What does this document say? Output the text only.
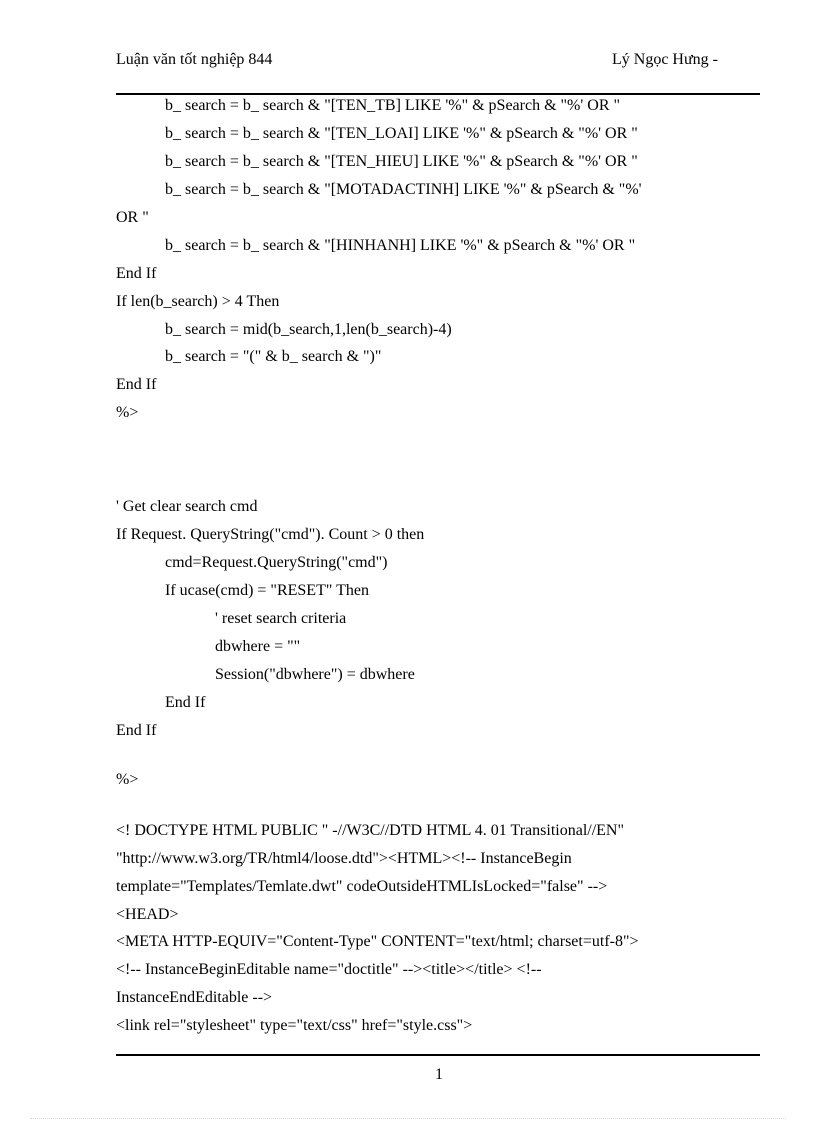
Luận văn tốt nghiệp 844	Lý Ngọc Hưng -
b_ search = b_ search & "[TEN_TB] LIKE '%" & pSearch & "%' OR "
b_ search = b_ search & "[TEN_LOAI] LIKE '%" & pSearch & "%' OR "
b_ search = b_ search & "[TEN_HIEU] LIKE '%" & pSearch & "%' OR "
b_ search = b_ search & "[MOTADACTINH] LIKE '%" & pSearch & "%'
OR "
b_ search = b_ search & "[HINHANH] LIKE '%" & pSearch & "%' OR "
End If
If len(b_search) > 4 Then
b_ search = mid(b_search,1,len(b_search)-4)
b_ search = "(" & b_ search & ")"
End If
%>
' Get clear search cmd
If Request. QueryString("cmd"). Count > 0 then
cmd=Request.QueryString("cmd")
If ucase(cmd) = "RESET" Then
' reset search criteria
dbwhere = ""
Session("dbwhere") = dbwhere
End If
End If
%>
<! DOCTYPE HTML PUBLIC " -//W3C//DTD HTML 4. 01 Transitional//EN"
"http://www.w3.org/TR/html4/loose.dtd"><HTML><!-- InstanceBegin
template="Templates/Temlate.dwt" codeOutsideHTMLIsLocked="false" -->
<HEAD>
<META HTTP-EQUIV="Content-Type" CONTENT="text/html; charset=utf-8">
<!-- InstanceBeginEditable name="doctitle" --><title></title> <!--
InstanceEndEditable -->
<link rel="stylesheet" type="text/css" href="style.css">
1
